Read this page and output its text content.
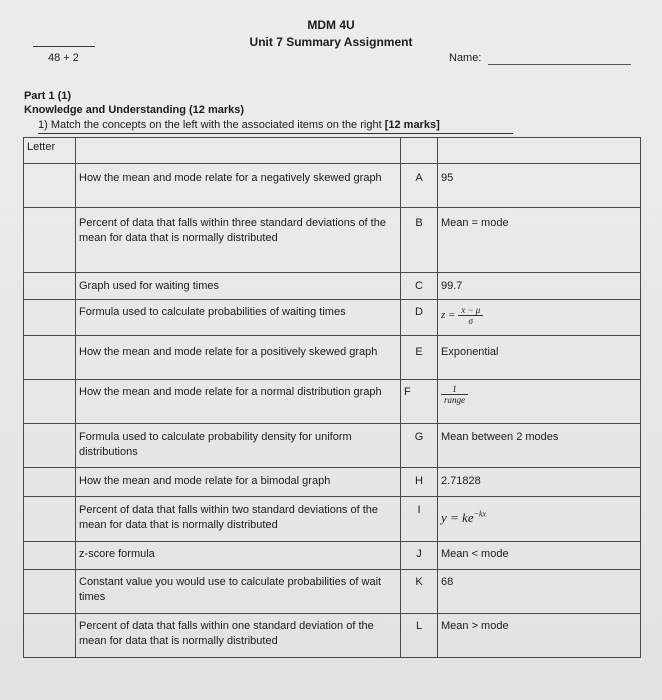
MDM 4U
Unit 7 Summary Assignment
48 + 2	Name:
Part 1 (1)
Knowledge and Understanding (12 marks)
1) Match the concepts on the left with the associated items on the right [12 marks]
Letter			
	How the mean and mode relate for a negatively skewed graph	A	95
	Percent of data that falls within three standard deviations of the mean for data that is normally distributed	B	Mean = mode
	Graph used for waiting times	C	99.7
	Formula used to calculate probabilities of waiting times	D	$z = \frac{x - \mu}{\sigma}$

	How the mean and mode relate for a positively skewed graph	E	Exponential
	How the mean and mode relate for a normal distribution graph	F	$\frac{1}{\text{range}}$

	Formula used to calculate probability density for uniform distributions	G	Mean between 2 modes
	How the mean and mode relate for a bimodal graph	H	2.71828
	Percent of data that falls within two standard deviations of the mean for data that is normally distributed	I	$y = ke^{-kx}$
	z-score formula	J	Mean < mode
	Constant value you would use to calculate probabilities of wait times	K	68
	Percent of data that falls within one standard deviation of the mean for data that is normally distributed	L	Mean > mode
